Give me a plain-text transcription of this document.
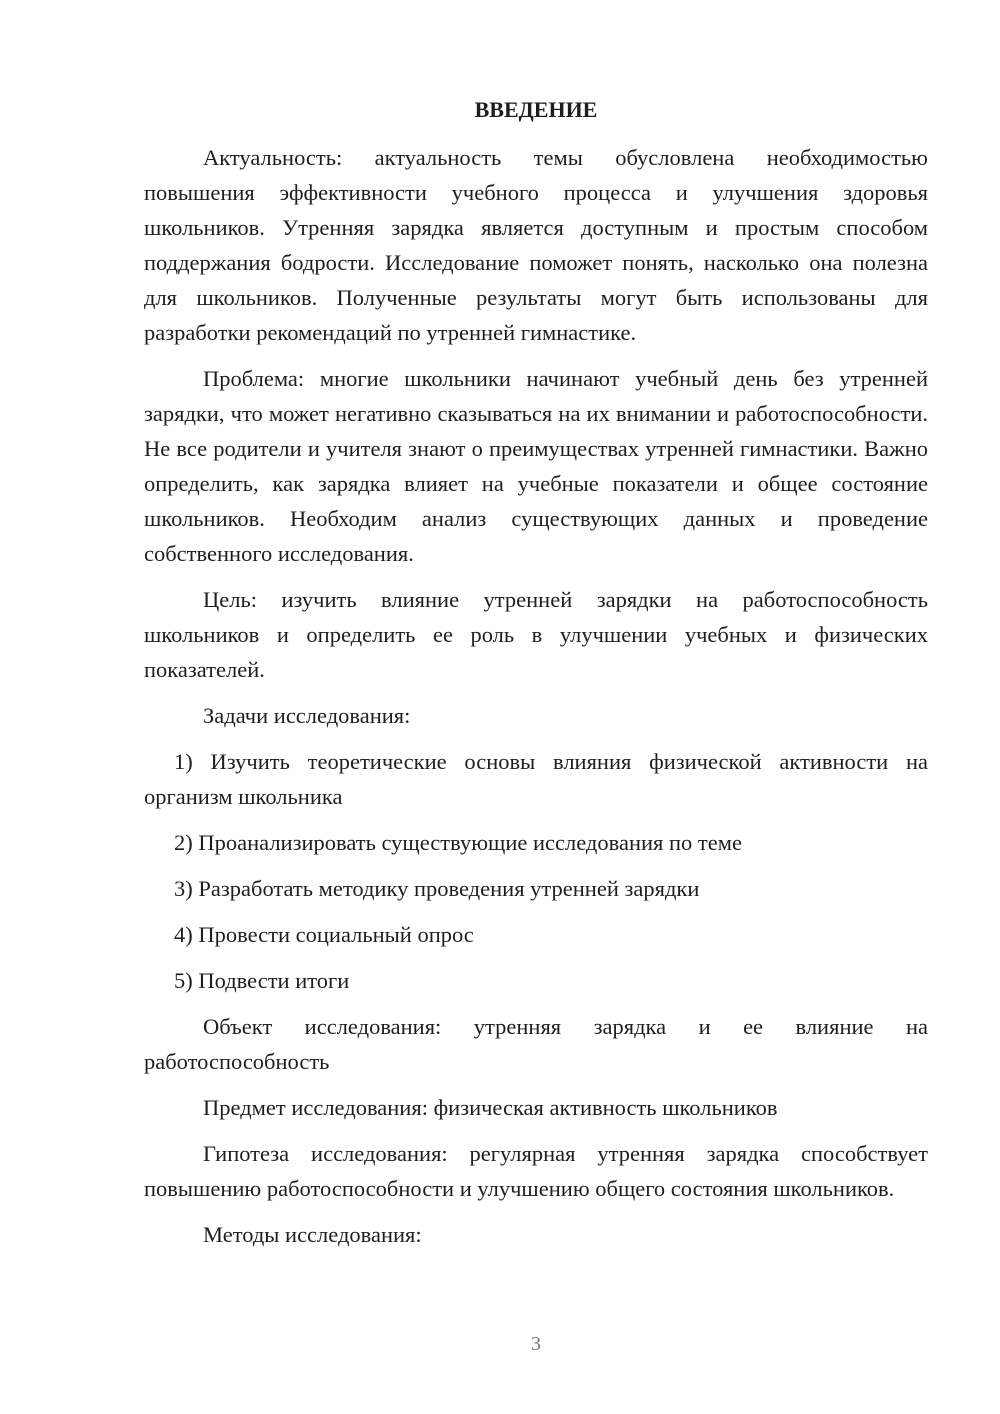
ВВЕДЕНИЕ

Актуальность: актуальность темы обусловлена необходимостью повышения эффективности учебного процесса и улучшения здоровья школьников. Утренняя зарядка является доступным и простым способом поддержания бодрости. Исследование поможет понять, насколько она полезна для школьников. Полученные результаты могут быть использованы для разработки рекомендаций по утренней гимнастике.

Проблема: многие школьники начинают учебный день без утренней зарядки, что может негативно сказываться на их внимании и работоспособности. Не все родители и учителя знают о преимуществах утренней гимнастики. Важно определить, как зарядка влияет на учебные показатели и общее состояние школьников. Необходим анализ существующих данных и проведение собственного исследования.

Цель: изучить влияние утренней зарядки на работоспособность школьников и определить ее роль в улучшении учебных и физических показателей.

Задачи исследования:

1) Изучить теоретические основы влияния физической активности на организм школьника

2) Проанализировать существующие исследования по теме

3) Разработать методику проведения утренней зарядки

4) Провести социальный опрос

5) Подвести итоги

Объект исследования: утренняя зарядка и ее влияние на работоспособность

Предмет исследования: физическая активность школьников

Гипотеза исследования: регулярная утренняя зарядка способствует повышению работоспособности и улучшению общего состояния школьников.

Методы исследования:

3
